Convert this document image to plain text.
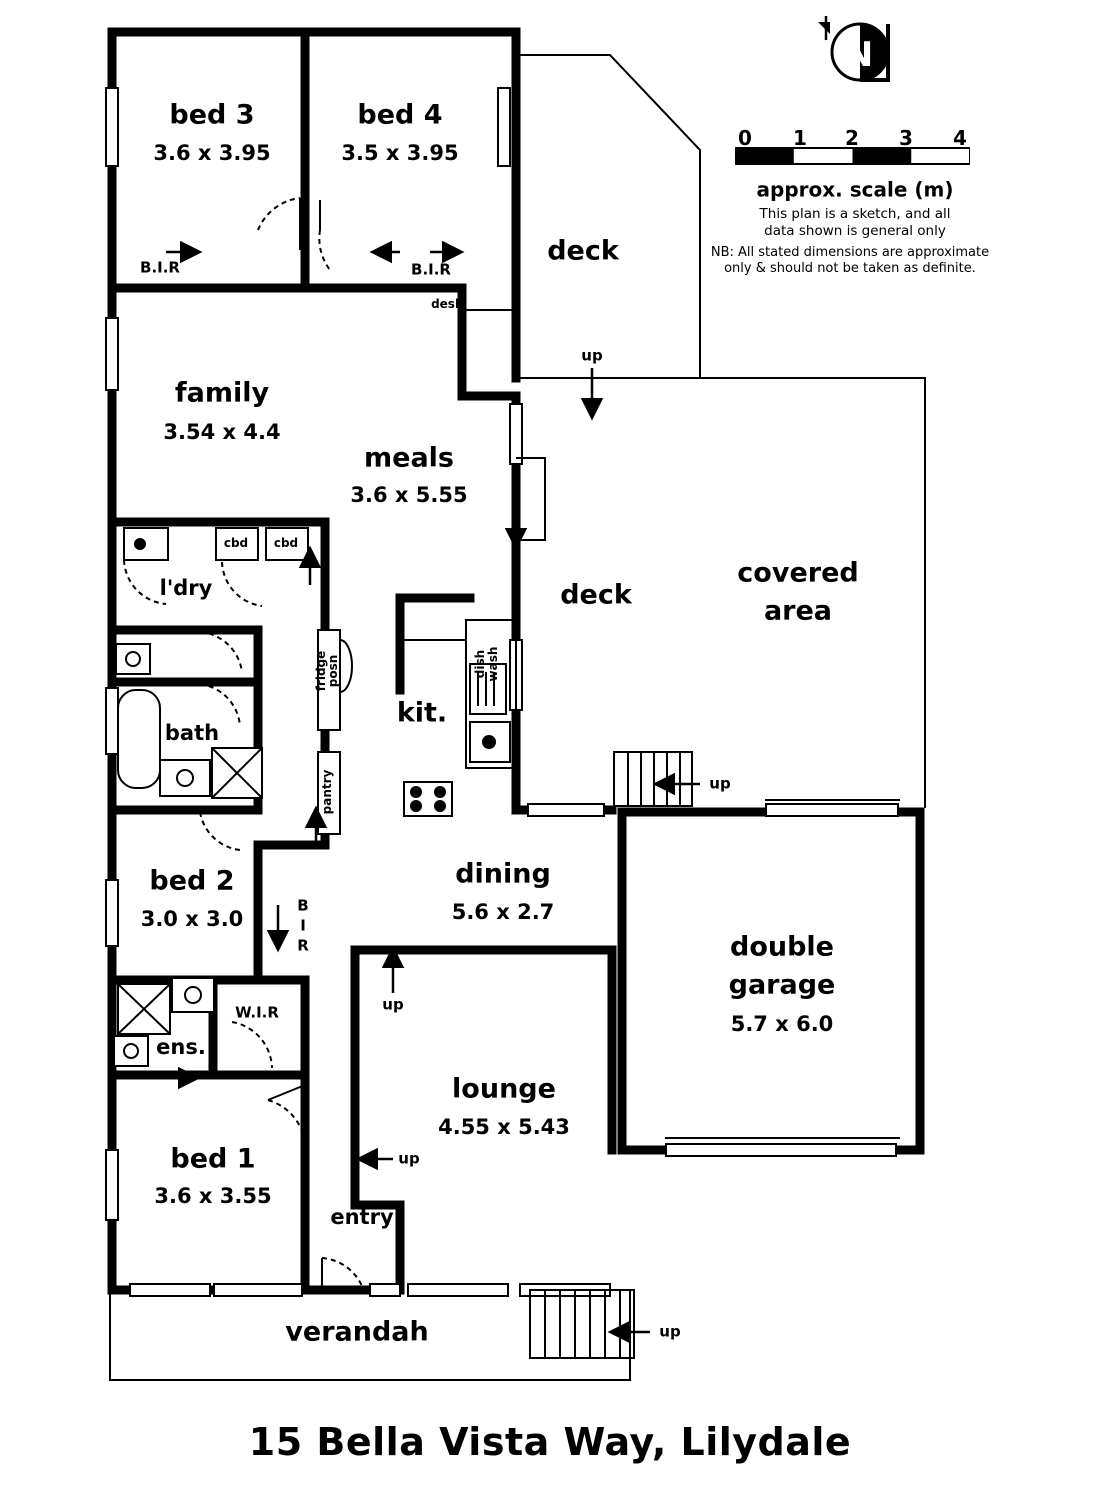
N
0 1 2 3 4
approx. scale (m)
This plan is a sketch, and all
data shown is general only
NB: All stated dimensions are approximate
only & should not be taken as definite.
bed 3
3.6 x 3.95
bed 4
3.5 x 3.95
family
3.54 x 4.4
meals
3.6 x 5.55
deck
deck
covered
bed 2
3.0 x 3.0
dining
5.6 x 2.7
double
5.7 x 6.0
lounge
4.55 x 5.43
bed 1
3.6 x 3.55
B.I.R	B.I.R
desk
cbd cbd
l'dry
bath
kit.
W.I.R
ens.
entry
verandah
up
up
up
up
up
fridge
posn
pantry
dish wash
B
I
R
area
garage
15 Bella Vista Way, Lilydale
